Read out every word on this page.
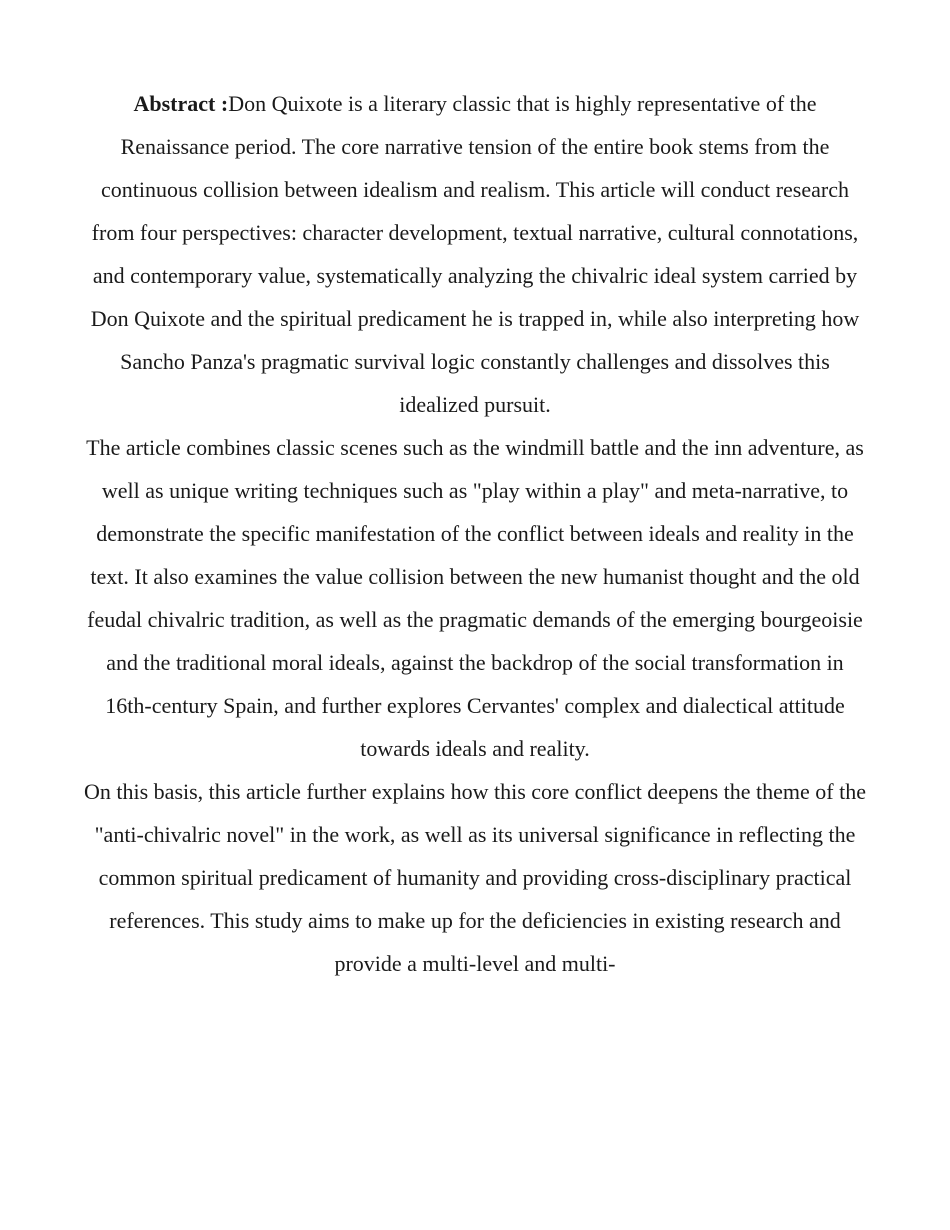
Abstract :Don Quixote is a literary classic that is highly representative of the Renaissance period. The core narrative tension of the entire book stems from the continuous collision between idealism and realism. This article will conduct research from four perspectives: character development, textual narrative, cultural connotations, and contemporary value, systematically analyzing the chivalric ideal system carried by Don Quixote and the spiritual predicament he is trapped in, while also interpreting how Sancho Panza's pragmatic survival logic constantly challenges and dissolves this idealized pursuit.

The article combines classic scenes such as the windmill battle and the inn adventure, as well as unique writing techniques such as "play within a play" and meta-narrative, to demonstrate the specific manifestation of the conflict between ideals and reality in the text. It also examines the value collision between the new humanist thought and the old feudal chivalric tradition, as well as the pragmatic demands of the emerging bourgeoisie and the traditional moral ideals, against the backdrop of the social transformation in 16th-century Spain, and further explores Cervantes' complex and dialectical attitude towards ideals and reality.

On this basis, this article further explains how this core conflict deepens the theme of the "anti-chivalric novel" in the work, as well as its universal significance in reflecting the common spiritual predicament of humanity and providing cross-disciplinary practical references. This study aims to make up for the deficiencies in existing research and provide a multi-level and multi-
